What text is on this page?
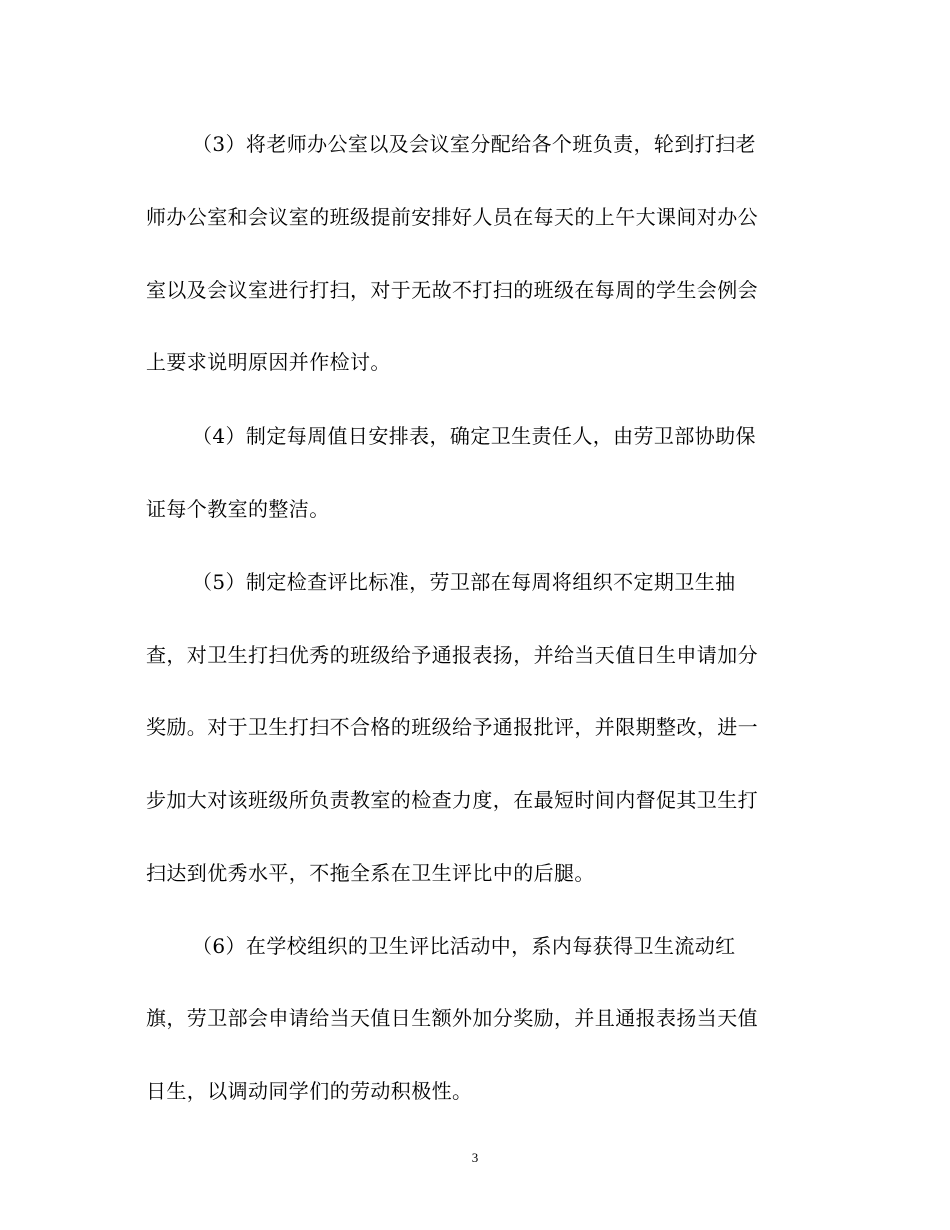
（3）将老师办公室以及会议室分配给各个班负责，轮到打扫老
师办公室和会议室的班级提前安排好人员在每天的上午大课间对办公
室以及会议室进行打扫，对于无故不打扫的班级在每周的学生会例会
上要求说明原因并作检讨。
（4）制定每周值日安排表，确定卫生责任人，由劳卫部协助保
证每个教室的整洁。
（5）制定检查评比标准，劳卫部在每周将组织不定期卫生抽
查，对卫生打扫优秀的班级给予通报表扬，并给当天值日生申请加分
奖励。对于卫生打扫不合格的班级给予通报批评，并限期整改，进一
步加大对该班级所负责教室的检查力度，在最短时间内督促其卫生打
扫达到优秀水平，不拖全系在卫生评比中的后腿。
（6）在学校组织的卫生评比活动中，系内每获得卫生流动红
旗，劳卫部会申请给当天值日生额外加分奖励，并且通报表扬当天值
日生，以调动同学们的劳动积极性。
3
